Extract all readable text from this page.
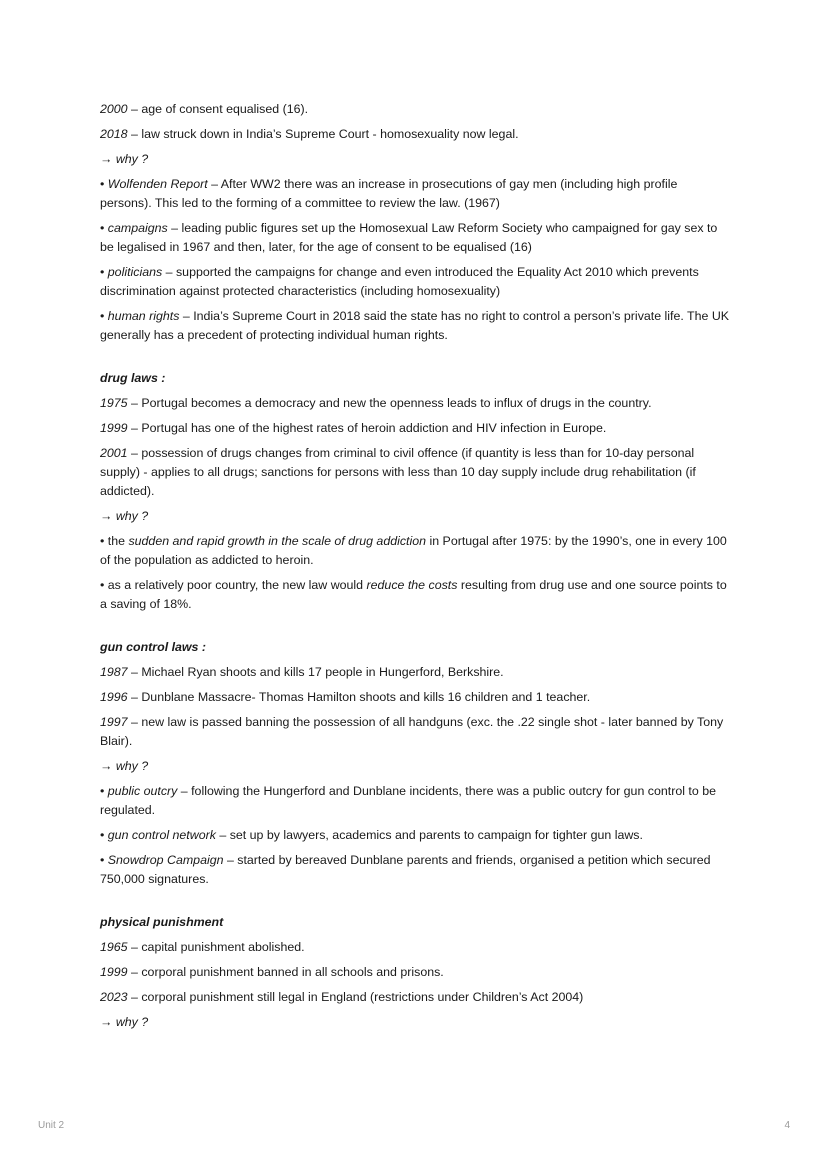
2000 – age of consent equalised (16).

2018 – law struck down in India’s Supreme Court - homosexuality now legal.

→ why ?

• Wolfenden Report – After WW2 there was an increase in prosecutions of gay men (including high profile persons). This led to the forming of a committee to review the law. (1967)

• campaigns – leading public figures set up the Homosexual Law Reform Society who campaigned for gay sex to be legalised in 1967 and then, later, for the age of consent to be equalised (16)

• politicians – supported the campaigns for change and even introduced the Equality Act 2010 which prevents discrimination against protected characteristics (including homosexuality)

• human rights – India’s Supreme Court in 2018 said the state has no right to control a person’s private life. The UK generally has a precedent of protecting individual human rights.

drug laws :

1975 – Portugal becomes a democracy and new the openness leads to influx of drugs in the country.

1999 – Portugal has one of the highest rates of heroin addiction and HIV infection in Europe.

2001 – possession of drugs changes from criminal to civil offence (if quantity is less than for 10-day personal supply) - applies to all drugs; sanctions for persons with less than 10 day supply include drug rehabilitation (if addicted).

→ why ?

• the sudden and rapid growth in the scale of drug addiction in Portugal after 1975: by the 1990’s, one in every 100 of the population as addicted to heroin.

• as a relatively poor country, the new law would reduce the costs resulting from drug use and one source points to a saving of 18%.

gun control laws :

1987 – Michael Ryan shoots and kills 17 people in Hungerford, Berkshire.

1996 – Dunblane Massacre- Thomas Hamilton shoots and kills 16 children and 1 teacher.

1997 – new law is passed banning the possession of all handguns (exc. the .22 single shot - later banned by Tony Blair).

→ why ?

• public outcry – following the Hungerford and Dunblane incidents, there was a public outcry for gun control to be regulated.

• gun control network – set up by lawyers, academics and parents to campaign for tighter gun laws.

• Snowdrop Campaign – started by bereaved Dunblane parents and friends, organised a petition which secured 750,000 signatures.

physical punishment

1965 – capital punishment abolished.

1999 – corporal punishment banned in all schools and prisons.

2023 – corporal punishment still legal in England (restrictions under Children’s Act 2004)

→ why ?

Unit 2	4
